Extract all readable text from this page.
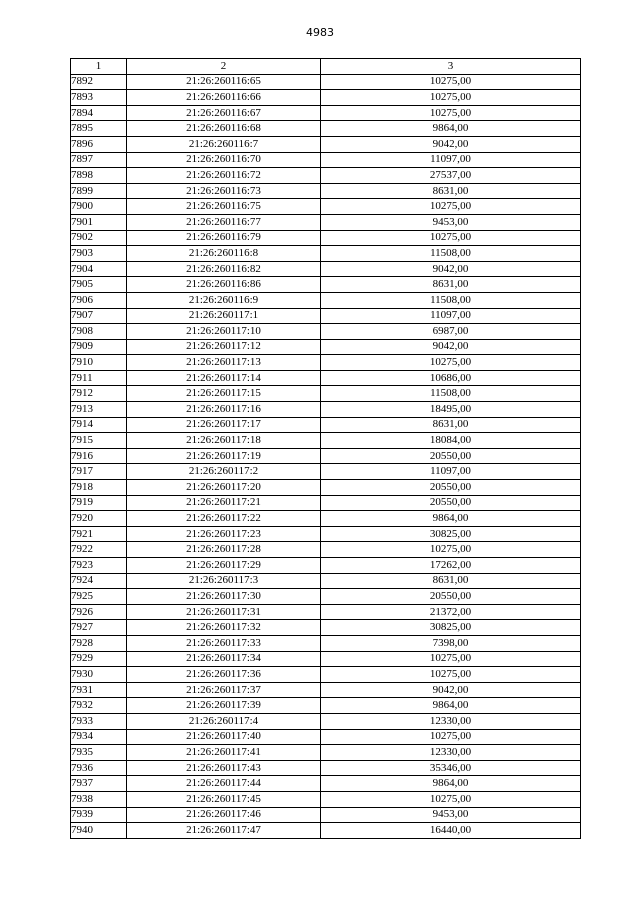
4983
1	2	3
7892	21:26:260116:65	10275,00
7893	21:26:260116:66	10275,00
7894	21:26:260116:67	10275,00
7895	21:26:260116:68	9864,00
7896	21:26:260116:7	9042,00
7897	21:26:260116:70	11097,00
7898	21:26:260116:72	27537,00
7899	21:26:260116:73	8631,00
7900	21:26:260116:75	10275,00
7901	21:26:260116:77	9453,00
7902	21:26:260116:79	10275,00
7903	21:26:260116:8	11508,00
7904	21:26:260116:82	9042,00
7905	21:26:260116:86	8631,00
7906	21:26:260116:9	11508,00
7907	21:26:260117:1	11097,00
7908	21:26:260117:10	6987,00
7909	21:26:260117:12	9042,00
7910	21:26:260117:13	10275,00
7911	21:26:260117:14	10686,00
7912	21:26:260117:15	11508,00
7913	21:26:260117:16	18495,00
7914	21:26:260117:17	8631,00
7915	21:26:260117:18	18084,00
7916	21:26:260117:19	20550,00
7917	21:26:260117:2	11097,00
7918	21:26:260117:20	20550,00
7919	21:26:260117:21	20550,00
7920	21:26:260117:22	9864,00
7921	21:26:260117:23	30825,00
7922	21:26:260117:28	10275,00
7923	21:26:260117:29	17262,00
7924	21:26:260117:3	8631,00
7925	21:26:260117:30	20550,00
7926	21:26:260117:31	21372,00
7927	21:26:260117:32	30825,00
7928	21:26:260117:33	7398,00
7929	21:26:260117:34	10275,00
7930	21:26:260117:36	10275,00
7931	21:26:260117:37	9042,00
7932	21:26:260117:39	9864,00
7933	21:26:260117:4	12330,00
7934	21:26:260117:40	10275,00
7935	21:26:260117:41	12330,00
7936	21:26:260117:43	35346,00
7937	21:26:260117:44	9864,00
7938	21:26:260117:45	10275,00
7939	21:26:260117:46	9453,00
7940	21:26:260117:47	16440,00
